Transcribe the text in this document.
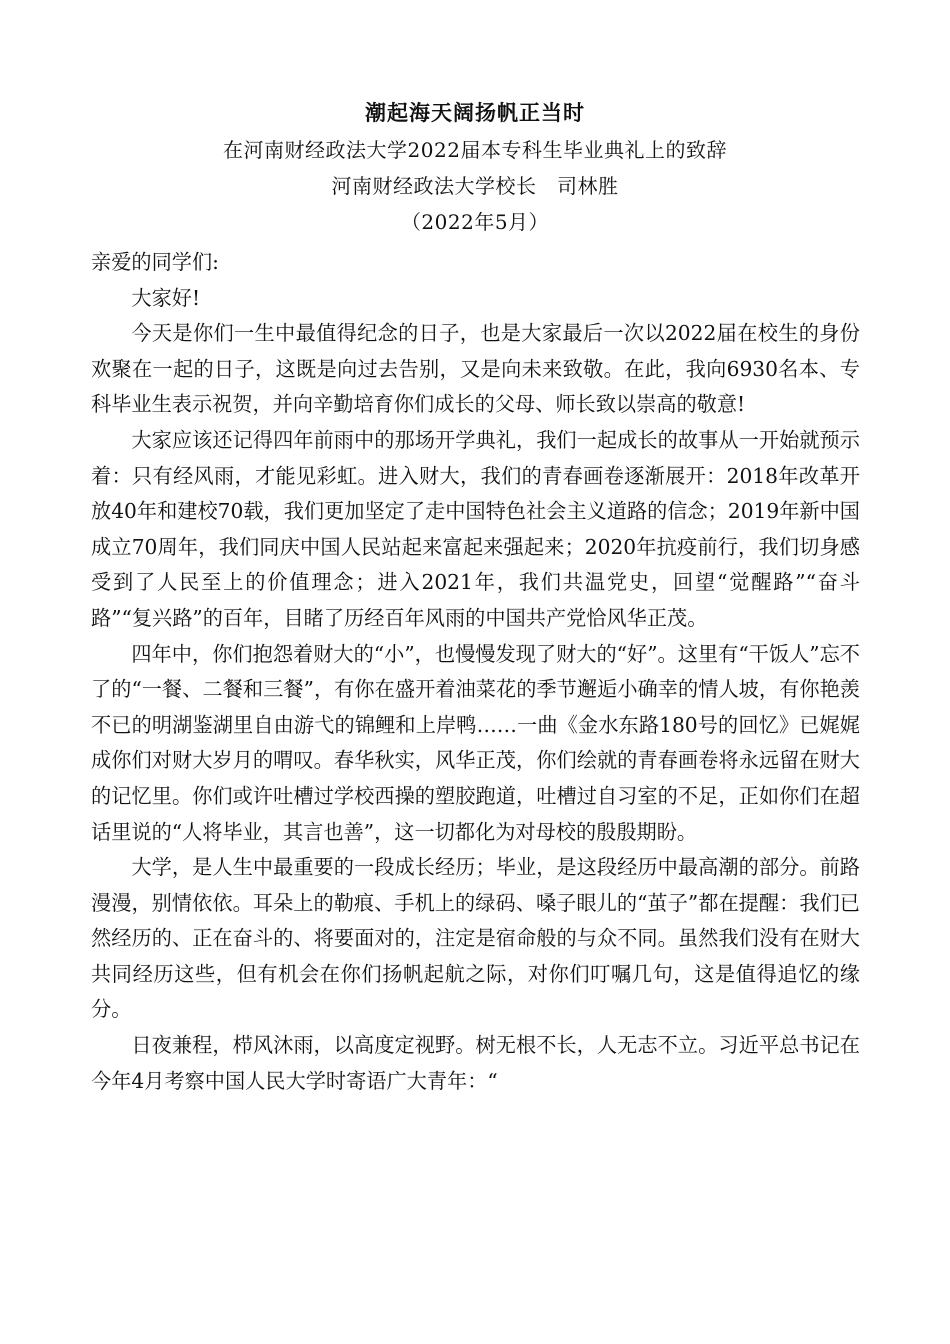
潮起海天阔扬帆正当时
在河南财经政法大学2022届本专科生毕业典礼上的致辞
河南财经政法大学校长　司林胜
（2022年5月）

亲爱的同学们:

大家好!

今天是你们一生中最值得纪念的日子，也是大家最后一次以2022届在校生的身份欢聚在一起的日子，这既是向过去告别，又是向未来致敬。在此，我向6930名本、专科毕业生表示祝贺，并向辛勤培育你们成长的父母、师长致以崇高的敬意!

大家应该还记得四年前雨中的那场开学典礼，我们一起成长的故事从一开始就预示着：只有经风雨，才能见彩虹。进入财大，我们的青春画卷逐渐展开：2018年改革开放40年和建校70载，我们更加坚定了走中国特色社会主义道路的信念；2019年新中国成立70周年，我们同庆中国人民站起来富起来强起来；2020年抗疫前行，我们切身感受到了人民至上的价值理念；进入2021年，我们共温党史，回望“觉醒路”“奋斗路”“复兴路”的百年，目睹了历经百年风雨的中国共产党恰风华正茂。

四年中，你们抱怨着财大的“小”，也慢慢发现了财大的“好”。这里有“干饭人”忘不了的“一餐、二餐和三餐”，有你在盛开着油菜花的季节邂逅小确幸的情人坡，有你艳羡不已的明湖鉴湖里自由游弋的锦鲤和上岸鸭……一曲《金水东路180号的回忆》已娓娓成你们对财大岁月的喟叹。春华秋实，风华正茂，你们绘就的青春画卷将永远留在财大的记忆里。你们或许吐槽过学校西操的塑胶跑道，吐槽过自习室的不足，正如你们在超话里说的“人将毕业，其言也善”，这一切都化为对母校的殷殷期盼。

大学，是人生中最重要的一段成长经历；毕业，是这段经历中最高潮的部分。前路漫漫，别情依依。耳朵上的勒痕、手机上的绿码、嗓子眼儿的“茧子”都在提醒：我们已然经历的、正在奋斗的、将要面对的，注定是宿命般的与众不同。虽然我们没有在财大共同经历这些，但有机会在你们扬帆起航之际，对你们叮嘱几句，这是值得追忆的缘分。

日夜兼程，栉风沐雨，以高度定视野。树无根不长，人无志不立。习近平总书记在今年4月考察中国人民大学时寄语广大青年：“
